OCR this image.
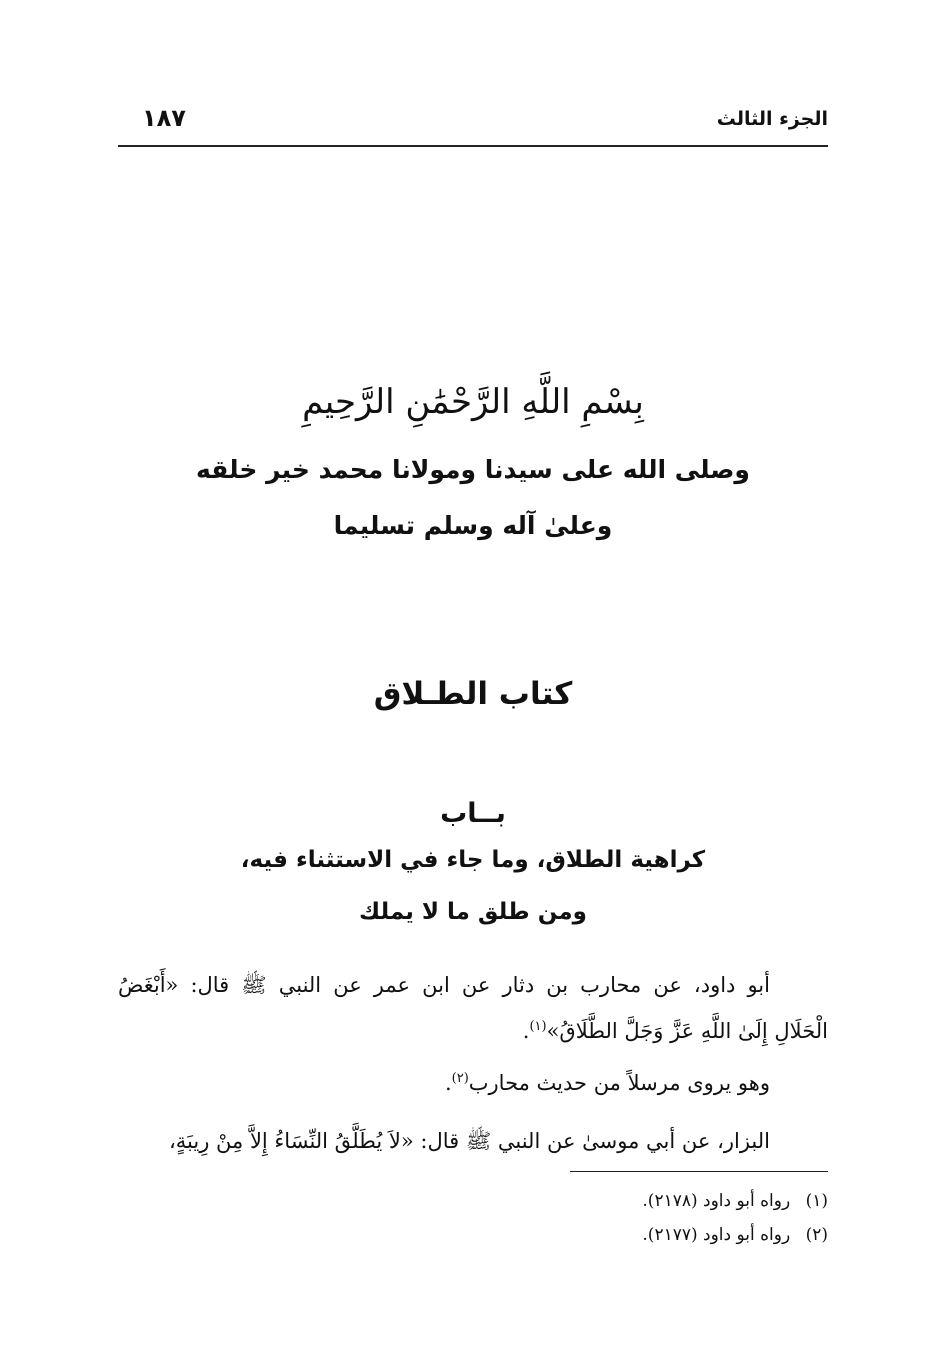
الجزء الثالث
١٨٧
بِسْمِ اللَّهِ الرَّحْمَٰنِ الرَّحِيمِ
وصلى الله على سيدنا ومولانا محمد خير خلقه
وعلىٰ آله وسلم تسليما
كتاب الطـلاق
بــاب
كراهية الطلاق، وما جاء في الاستثناء فيه،
ومن طلق ما لا يملك
أبو داود، عن محارب بن دثار عن ابن عمر عن النبي ﷺ قال: «أَبْغَضُ
الْحَلَالِ إِلَىٰ اللَّهِ عَزَّ وَجَلَّ الطَّلَاقُ»$^{(١)}$.
وهو يروى مرسلاً من حديث محارب$^{(٢)}$.
البزار، عن أبي موسىٰ عن النبي ﷺ قال: «لاَ يُطَلَّقُ النِّسَاءُ إِلاَّ مِنْ رِيبَةٍ،
(١) رواه أبو داود (٢١٧٨).
(٢) رواه أبو داود (٢١٧٧).
